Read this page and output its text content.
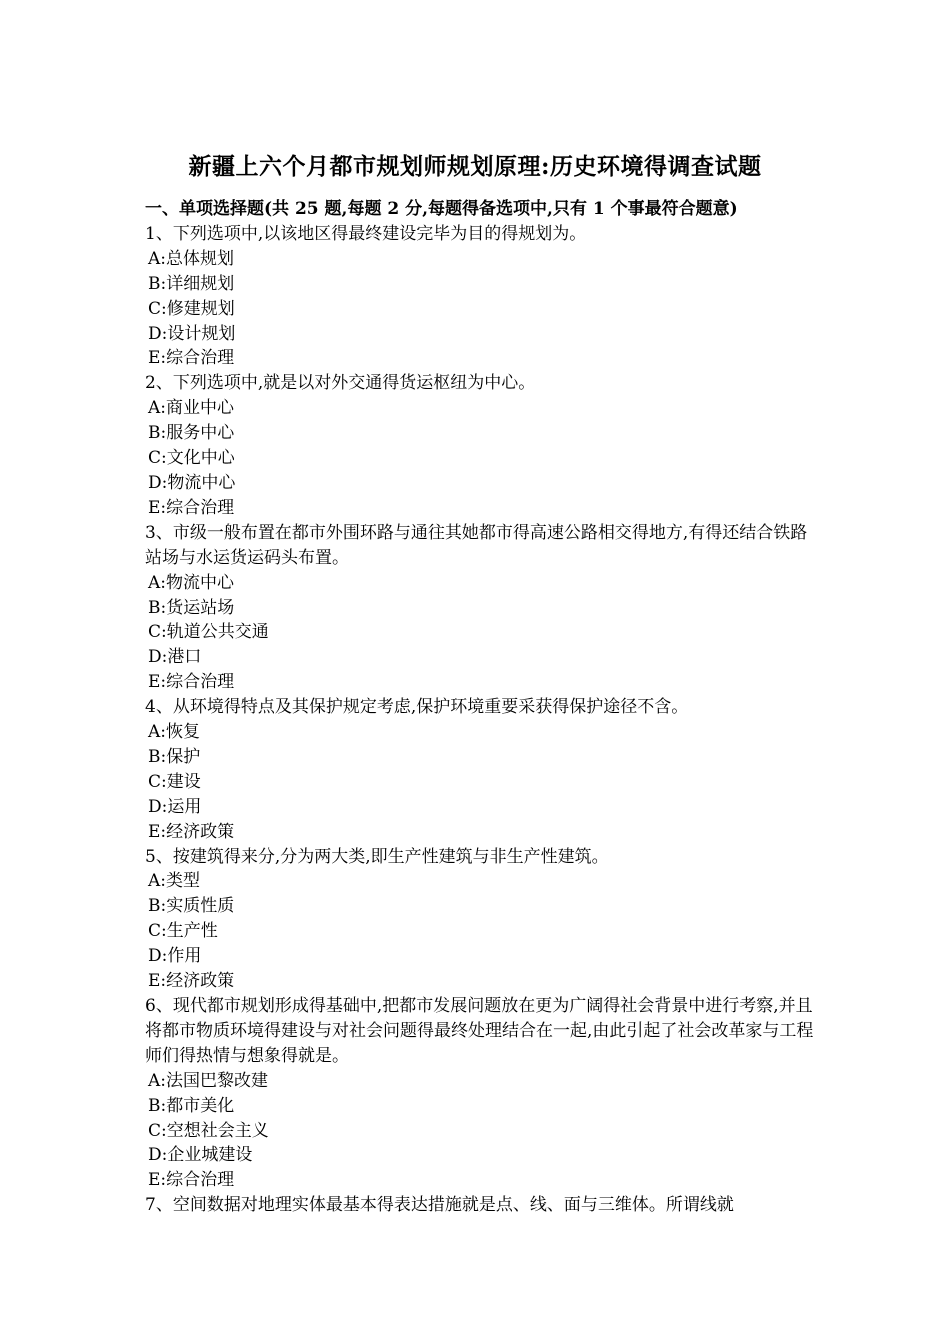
新疆上六个月都市规划师规划原理:历史环境得调查试题
一、单项选择题(共 25 题,每题 2 分,每题得备选项中,只有 1 个事最符合题意)
1、下列选项中,以该地区得最终建设完毕为目的得规划为。
A:总体规划
B:详细规划
C:修建规划
D:设计规划
E:综合治理
2、下列选项中,就是以对外交通得货运枢纽为中心。
A:商业中心
B:服务中心
C:文化中心
D:物流中心
E:综合治理
3、市级一般布置在都市外围环路与通往其她都市得高速公路相交得地方,有得还结合铁路站场与水运货运码头布置。
A:物流中心
B:货运站场
C:轨道公共交通
D:港口
E:综合治理
4、从环境得特点及其保护规定考虑,保护环境重要采获得保护途径不含。
A:恢复
B:保护
C:建设
D:运用
E:经济政策
5、按建筑得来分,分为两大类,即生产性建筑与非生产性建筑。
A:类型
B:实质性质
C:生产性
D:作用
E:经济政策
6、现代都市规划形成得基础中,把都市发展问题放在更为广阔得社会背景中进行考察,并且将都市物质环境得建设与对社会问题得最终处理结合在一起,由此引起了社会改革家与工程师们得热情与想象得就是。
A:法国巴黎改建
B:都市美化
C:空想社会主义
D:企业城建设
E:综合治理
7、空间数据对地理实体最基本得表达措施就是点、线、面与三维体。所谓线就
